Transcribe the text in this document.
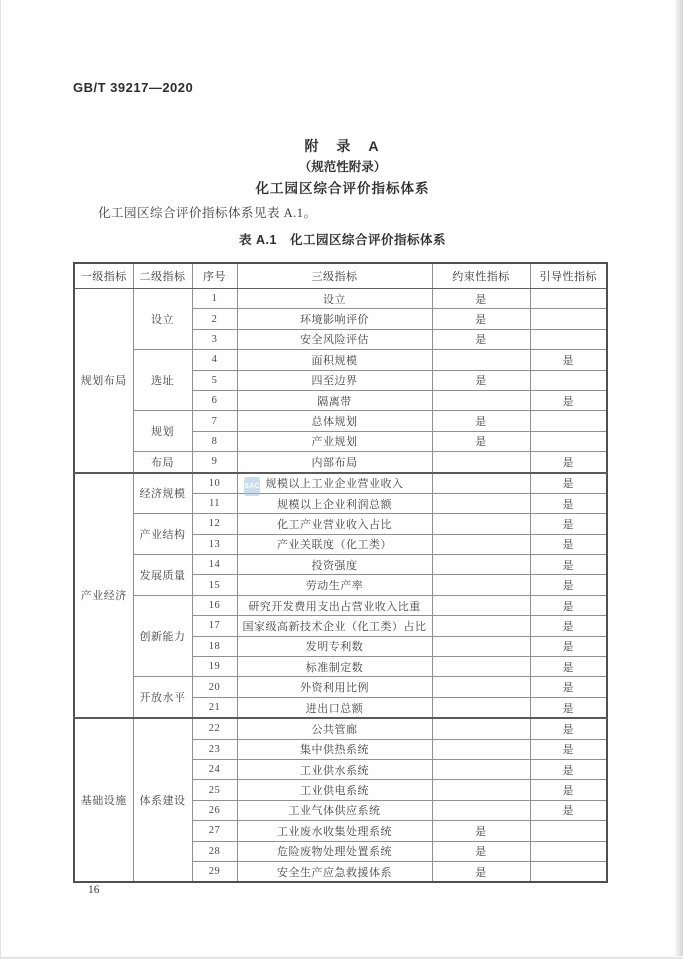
GB/T 39217—2020
附　录　A
（规范性附录）
化工园区综合评价指标体系

化工园区综合评价指标体系见表 A.1。

表 A.1　化工园区综合评价指标体系
一级指标	二级指标	序号	三级指标	约束性指标	引导性指标
规划布局	设立	1	设立	是	
		2	环境影响评价	是	
		3	安全风险评估	是	
	选址	4	面积规模		是
		5	四至边界	是	
		6	隔离带		是
	规划	7	总体规划	是	
		8	产业规划	是	
	布局	9	内部布局		是
产业经济	经济规模	10	规模以上工业企业营业收入		是
		11	规模以上企业利润总额		是
	产业结构	12	化工产业营业收入占比		是
		13	产业关联度（化工类）		是
	发展质量	14	投资强度		是
		15	劳动生产率		是
	创新能力	16	研究开发费用支出占营业收入比重		是
		17	国家级高新技术企业（化工类）占比		是
		18	发明专利数		是
		19	标准制定数		是
	开放水平	20	外资利用比例		是
		21	进出口总额		是
基础设施	体系建设	22	公共管廊		是
		23	集中供热系统		是
		24	工业供水系统		是
		25	工业供电系统		是
		26	工业气体供应系统		是
		27	工业废水收集处理系统	是	
		28	危险废物处理处置系统	是	
		29	安全生产应急救援体系	是	
SAC
16
